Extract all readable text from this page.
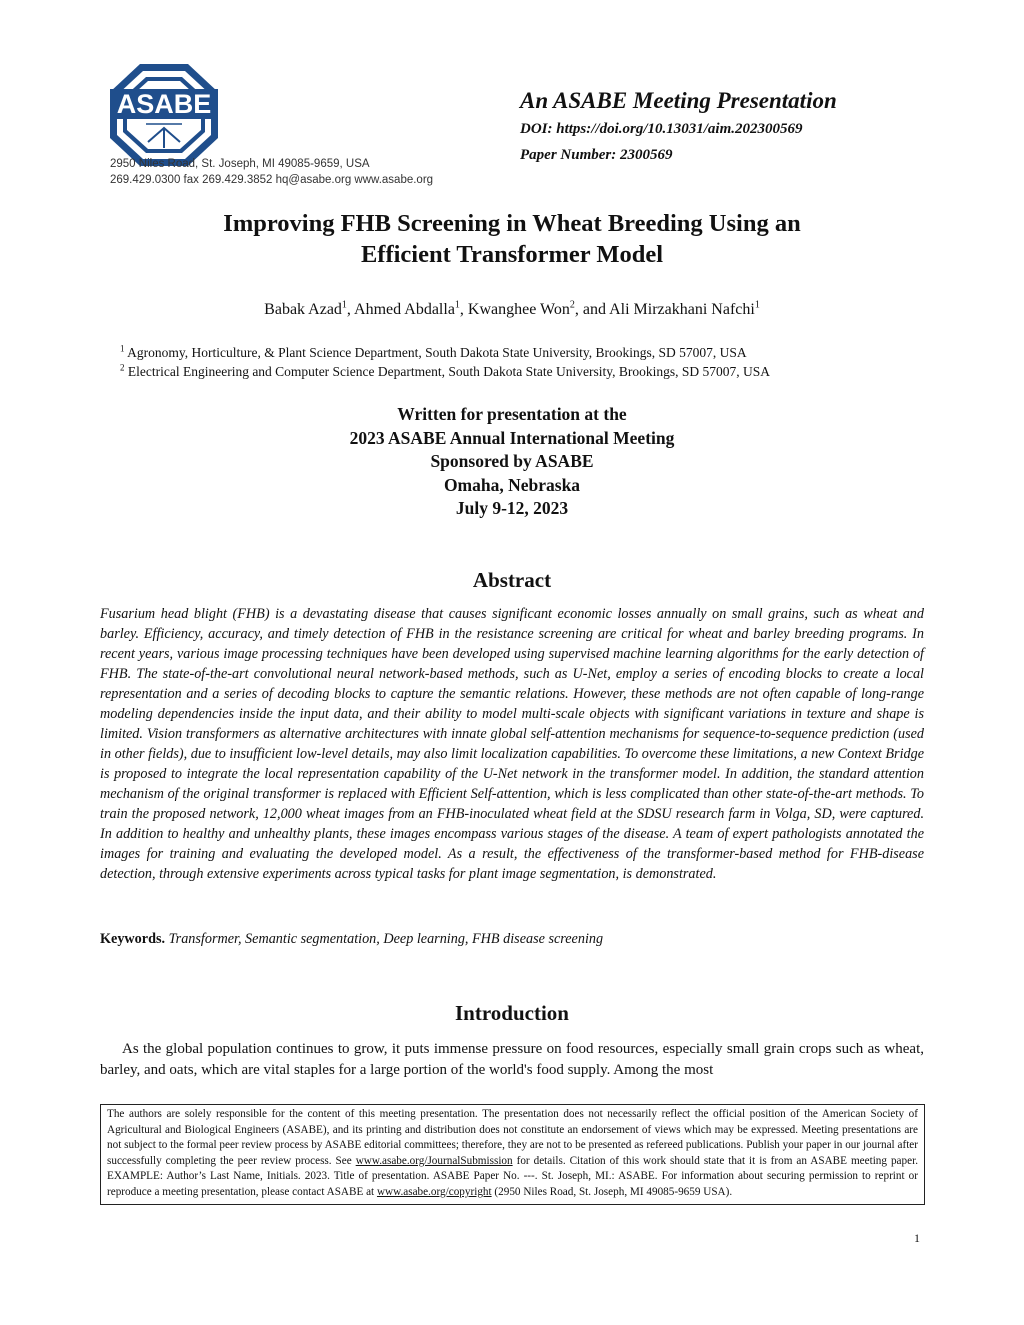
ASABE
2950 Niles Road, St. Joseph, MI 49085-9659, USA
269.429.0300 fax 269.429.3852 hq@asabe.org www.asabe.org
An ASABE Meeting Presentation
DOI: https://doi.org/10.13031/aim.202300569
Paper Number: 2300569
Improving FHB Screening in Wheat Breeding Using an
Efficient Transformer Model
Babak Azad$^1$, Ahmed Abdalla$^1$, Kwanghee Won$^2$, and Ali Mirzakhani Nafchi$^1$
$^1$ Agronomy, Horticulture, & Plant Science Department, South Dakota State University, Brookings, SD 57007, USA
$^2$ Electrical Engineering and Computer Science Department, South Dakota State University, Brookings, SD 57007, USA
Written for presentation at the
2023 ASABE Annual International Meeting
Sponsored by ASABE
Omaha, Nebraska
July 9-12, 2023
Abstract
Fusarium head blight (FHB) is a devastating disease that causes significant economic losses annually on small grains, such as wheat and barley. Efficiency, accuracy, and timely detection of FHB in the resistance screening are critical for wheat and barley breeding programs. In recent years, various image processing techniques have been developed using supervised machine learning algorithms for the early detection of FHB. The state-of-the-art convolutional neural network-based methods, such as U-Net, employ a series of encoding blocks to create a local representation and a series of decoding blocks to capture the semantic relations. However, these methods are not often capable of long-range modeling dependencies inside the input data, and their ability to model multi-scale objects with significant variations in texture and shape is limited. Vision transformers as alternative architectures with innate global self-attention mechanisms for sequence-to-sequence prediction (used in other fields), due to insufficient low-level details, may also limit localization capabilities. To overcome these limitations, a new Context Bridge is proposed to integrate the local representation capability of the U-Net network in the transformer model. In addition, the standard attention mechanism of the original transformer is replaced with Efficient Self-attention, which is less complicated than other state-of-the-art methods. To train the proposed network, 12,000 wheat images from an FHB-inoculated wheat field at the SDSU research farm in Volga, SD, were captured. In addition to healthy and unhealthy plants, these images encompass various stages of the disease. A team of expert pathologists annotated the images for training and evaluating the developed model. As a result, the effectiveness of the transformer-based method for FHB-disease detection, through extensive experiments across typical tasks for plant image segmentation, is demonstrated.
Keywords. Transformer, Semantic segmentation, Deep learning, FHB disease screening
Introduction
As the global population continues to grow, it puts immense pressure on food resources, especially small grain crops such as wheat, barley, and oats, which are vital staples for a large portion of the world's food supply. Among the most
The authors are solely responsible for the content of this meeting presentation. The presentation does not necessarily reflect the official position of the American Society of Agricultural and Biological Engineers (ASABE), and its printing and distribution does not constitute an endorsement of views which may be expressed. Meeting presentations are not subject to the formal peer review process by ASABE editorial committees; therefore, they are not to be presented as refereed publications. Publish your paper in our journal after successfully completing the peer review process. See www.asabe.org/JournalSubmission for details. Citation of this work should state that it is from an ASABE meeting paper. EXAMPLE: Author’s Last Name, Initials. 2023. Title of presentation. ASABE Paper No. ---. St. Joseph, MI.: ASABE. For information about securing permission to reprint or reproduce a meeting presentation, please contact ASABE at www.asabe.org/copyright (2950 Niles Road, St. Joseph, MI 49085-9659 USA).
1
